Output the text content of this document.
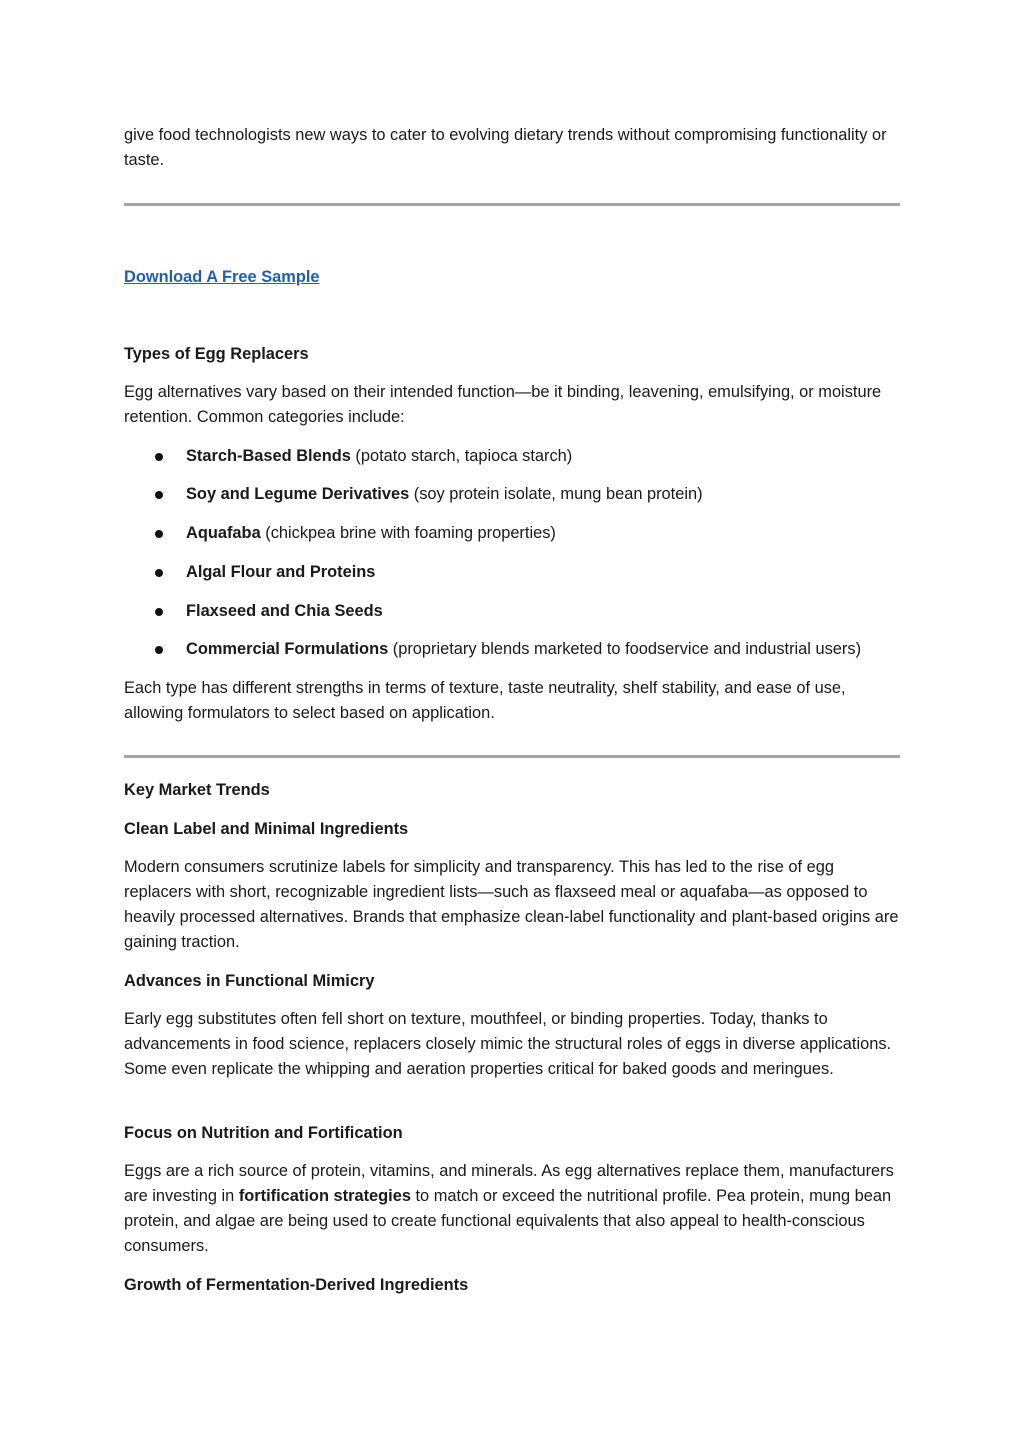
give food technologists new ways to cater to evolving dietary trends without compromising functionality or taste.

Download A Free Sample

Types of Egg Replacers

Egg alternatives vary based on their intended function—be it binding, leavening, emulsifying, or moisture retention. Common categories include:

Starch-Based Blends (potato starch, tapioca starch)
Soy and Legume Derivatives (soy protein isolate, mung bean protein)
Aquafaba (chickpea brine with foaming properties)
Algal Flour and Proteins
Flaxseed and Chia Seeds
Commercial Formulations (proprietary blends marketed to foodservice and industrial users)

Each type has different strengths in terms of texture, taste neutrality, shelf stability, and ease of use, allowing formulators to select based on application.

Key Market Trends

Clean Label and Minimal Ingredients

Modern consumers scrutinize labels for simplicity and transparency. This has led to the rise of egg replacers with short, recognizable ingredient lists—such as flaxseed meal or aquafaba—as opposed to heavily processed alternatives. Brands that emphasize clean-label functionality and plant-based origins are gaining traction.

Advances in Functional Mimicry

Early egg substitutes often fell short on texture, mouthfeel, or binding properties. Today, thanks to advancements in food science, replacers closely mimic the structural roles of eggs in diverse applications. Some even replicate the whipping and aeration properties critical for baked goods and meringues.

Focus on Nutrition and Fortification

Eggs are a rich source of protein, vitamins, and minerals. As egg alternatives replace them, manufacturers are investing in fortification strategies to match or exceed the nutritional profile. Pea protein, mung bean protein, and algae are being used to create functional equivalents that also appeal to health-conscious consumers.

Growth of Fermentation-Derived Ingredients
